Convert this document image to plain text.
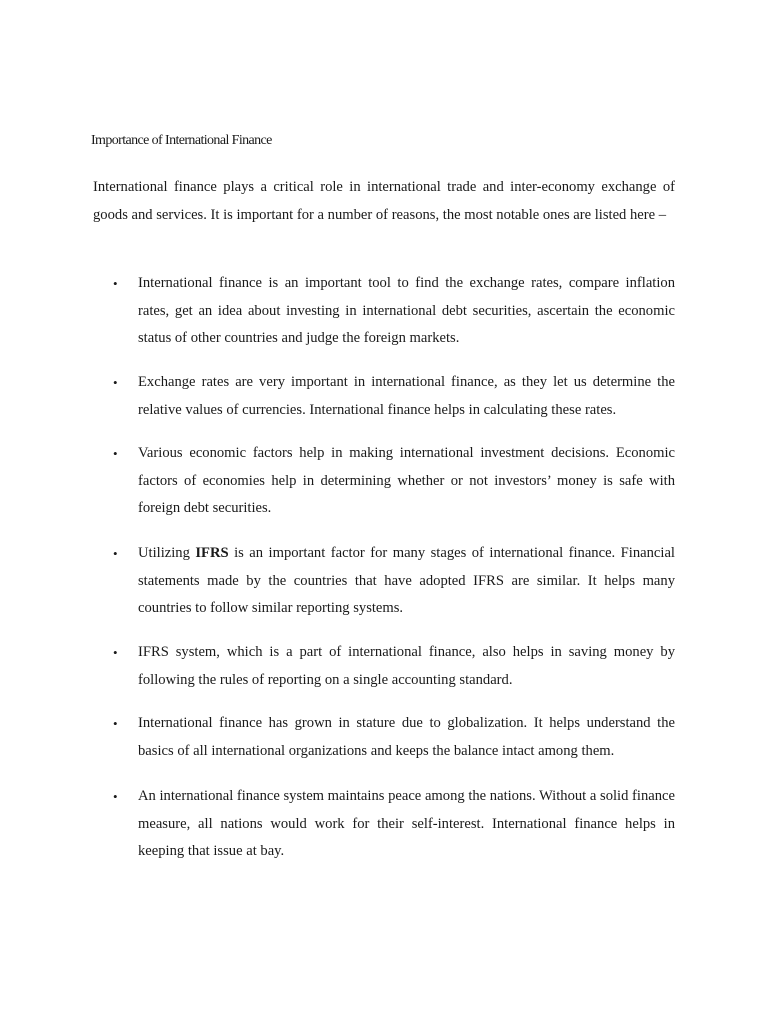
Importance of International Finance

International finance plays a critical role in international trade and inter-economy exchange of goods and services. It is important for a number of reasons, the most notable ones are listed here –

• International finance is an important tool to find the exchange rates, compare inflation rates, get an idea about investing in international debt securities, ascertain the economic status of other countries and judge the foreign markets.

• Exchange rates are very important in international finance, as they let us determine the relative values of currencies. International finance helps in calculating these rates.

• Various economic factors help in making international investment decisions. Economic factors of economies help in determining whether or not investors’ money is safe with foreign debt securities.

• Utilizing IFRS is an important factor for many stages of international finance. Financial statements made by the countries that have adopted IFRS are similar. It helps many countries to follow similar reporting systems.

• IFRS system, which is a part of international finance, also helps in saving money by following the rules of reporting on a single accounting standard.

• International finance has grown in stature due to globalization. It helps understand the basics of all international organizations and keeps the balance intact among them.

• An international finance system maintains peace among the nations. Without a solid finance measure, all nations would work for their self-interest. International finance helps in keeping that issue at bay.
